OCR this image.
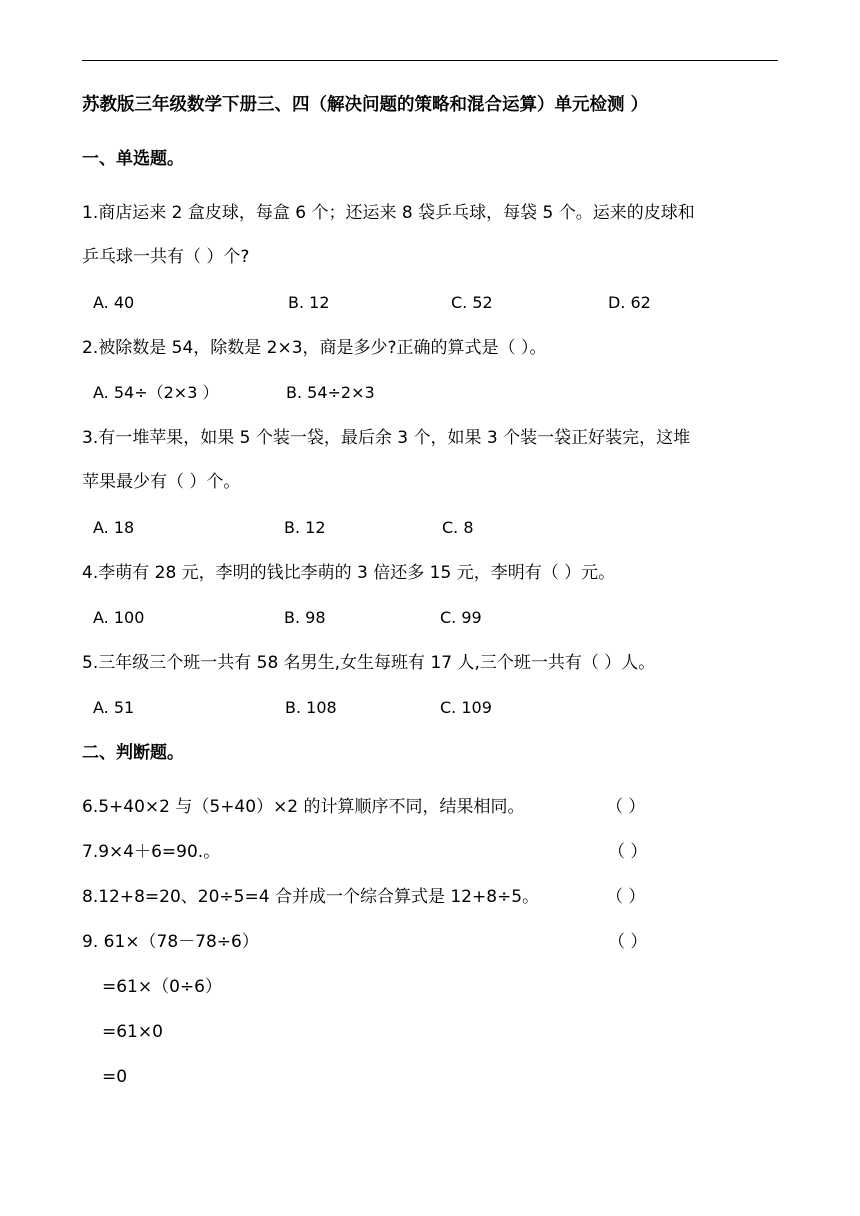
苏教版三年级数学下册三、四（解决问题的策略和混合运算）单元检测 ）
一、单选题。
1.商店运来 2 盒皮球，每盒 6 个；还运来 8 袋乒乓球，每袋 5 个。运来的皮球和
乒乓球一共有（ ）个?
A. 40	B. 12	C. 52	D. 62
2.被除数是 54，除数是 2×3，商是多少?正确的算式是（ ）。
A. 54÷（2×3 ）	B. 54÷2×3
3.有一堆苹果，如果 5 个装一袋，最后余 3 个，如果 3 个装一袋正好装完，这堆
苹果最少有（ ）个。
A. 18	B. 12	C. 8
4.李萌有 28 元，李明的钱比李萌的 3 倍还多 15 元，李明有（ ）元。
A. 100	B. 98	C. 99
5.三年级三个班一共有 58 名男生,女生每班有 17 人,三个班一共有（ ）人。
A. 51	B. 108	C. 109
二、判断题。
6.5+40×2 与（5+40）×2 的计算顺序不同，结果相同。	（ ）
7.9×4＋6=90.。	（ ）
8.12+8=20、20÷5=4 合并成一个综合算式是 12+8÷5。	（ ）
9. 61×（78－78÷6）	（ ）
=61×（0÷6）
=61×0
=0
